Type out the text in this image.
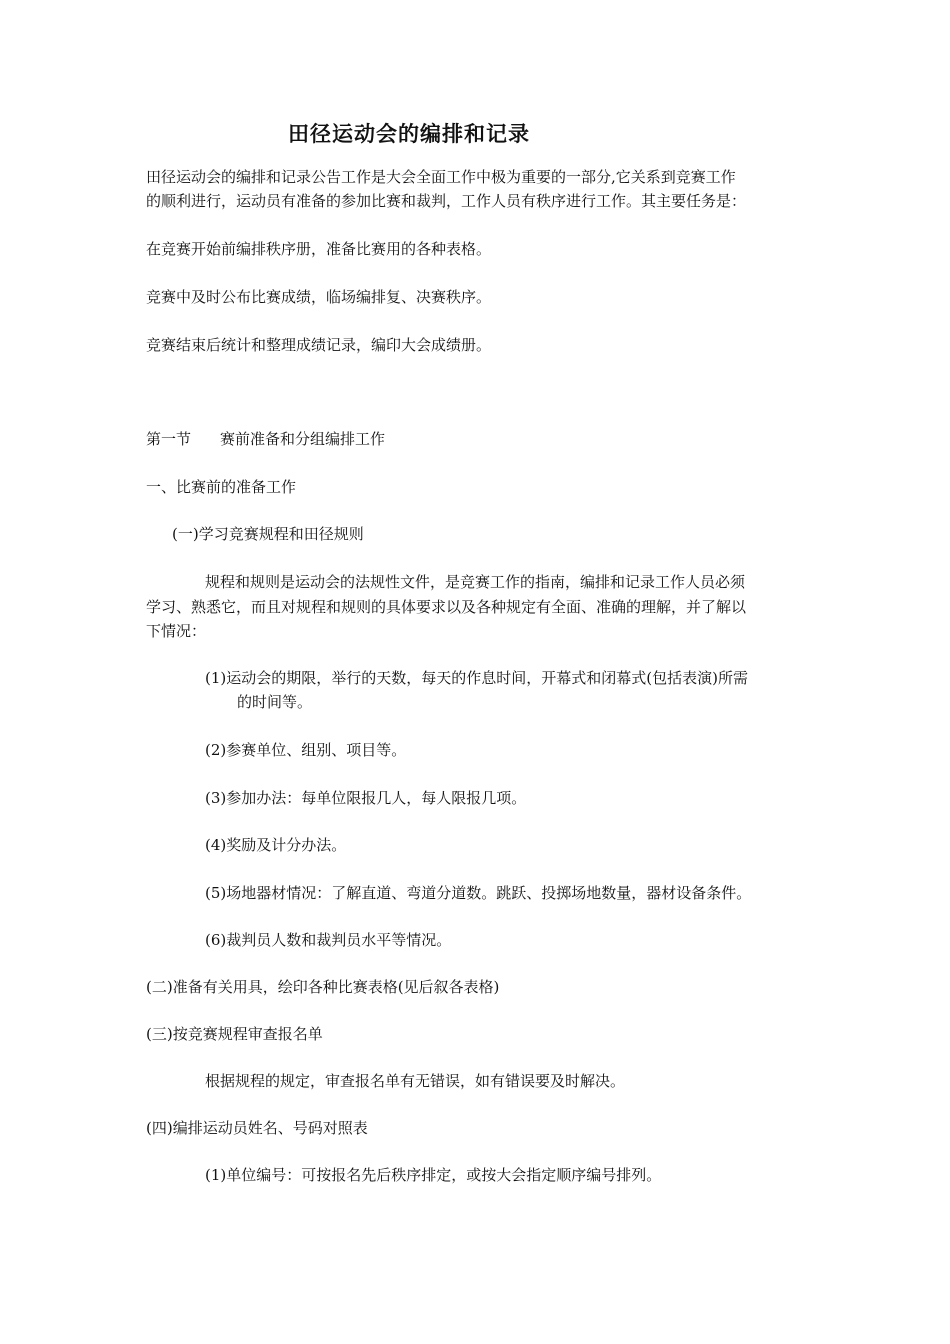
田径运动会的编排和记录

田径运动会的编排和记录公告工作是大会全面工作中极为重要的一部分,它关系到竞赛工作

的顺利进行，运动员有准备的参加比赛和裁判，工作人员有秩序进行工作。其主要任务是：

在竞赛开始前编排秩序册，准备比赛用的各种表格。

竞赛中及时公布比赛成绩，临场编排复、决赛秩序。

竞赛结束后统计和整理成绩记录，编印大会成绩册。

第一节 赛前准备和分组编排工作

一、比赛前的准备工作

(一)学习竞赛规程和田径规则

规程和规则是运动会的法规性文件，是竞赛工作的指南，编排和记录工作人员必须

学习、熟悉它，而且对规程和规则的具体要求以及各种规定有全面、准确的理解，并了解以

下情况：

(1)运动会的期限，举行的天数，每天的作息时间，开幕式和闭幕式(包括表演)所需

的时间等。

(2)参赛单位、组别、项目等。

(3)参加办法：每单位限报几人，每人限报几项。

(4)奖励及计分办法。

(5)场地器材情况：了解直道、弯道分道数。跳跃、投掷场地数量，器材设备条件。

(6)裁判员人数和裁判员水平等情况。

(二)准备有关用具，绘印各种比赛表格(见后叙各表格)

(三)按竞赛规程审查报名单

根据规程的规定，审查报名单有无错误，如有错误要及时解决。

(四)编排运动员姓名、号码对照表

(1)单位编号：可按报名先后秩序排定，或按大会指定顺序编号排列。
